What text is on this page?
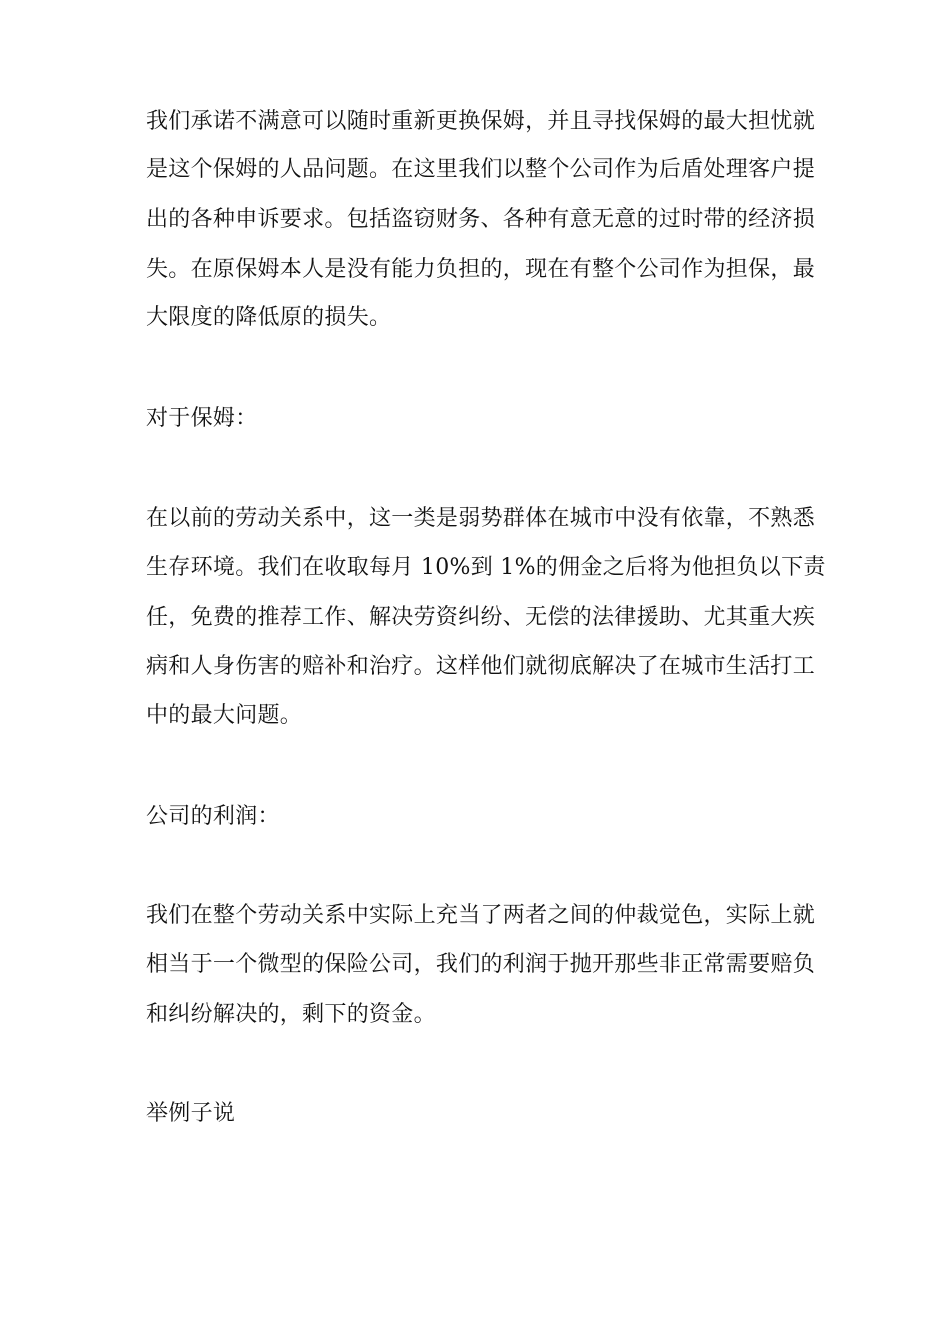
我们承诺不满意可以随时重新更换保姆，并且寻找保姆的最大担忧就
是这个保姆的人品问题。在这里我们以整个公司作为后盾处理客户提
出的各种申诉要求。包括盗窃财务、各种有意无意的过时带的经济损
失。在原保姆本人是没有能力负担的，现在有整个公司作为担保，最
大限度的降低原的损失。
对于保姆：
在以前的劳动关系中，这一类是弱势群体在城市中没有依靠，不熟悉
生存环境。我们在收取每月 10%到 1%的佣金之后将为他担负以下责
任，免费的推荐工作、解决劳资纠纷、无偿的法律援助、尤其重大疾
病和人身伤害的赔补和治疗。这样他们就彻底解决了在城市生活打工
中的最大问题。
公司的利润：
我们在整个劳动关系中实际上充当了两者之间的仲裁觉色，实际上就
相当于一个微型的保险公司，我们的利润于抛开那些非正常需要赔负
和纠纷解决的，剩下的资金。
举例子说
